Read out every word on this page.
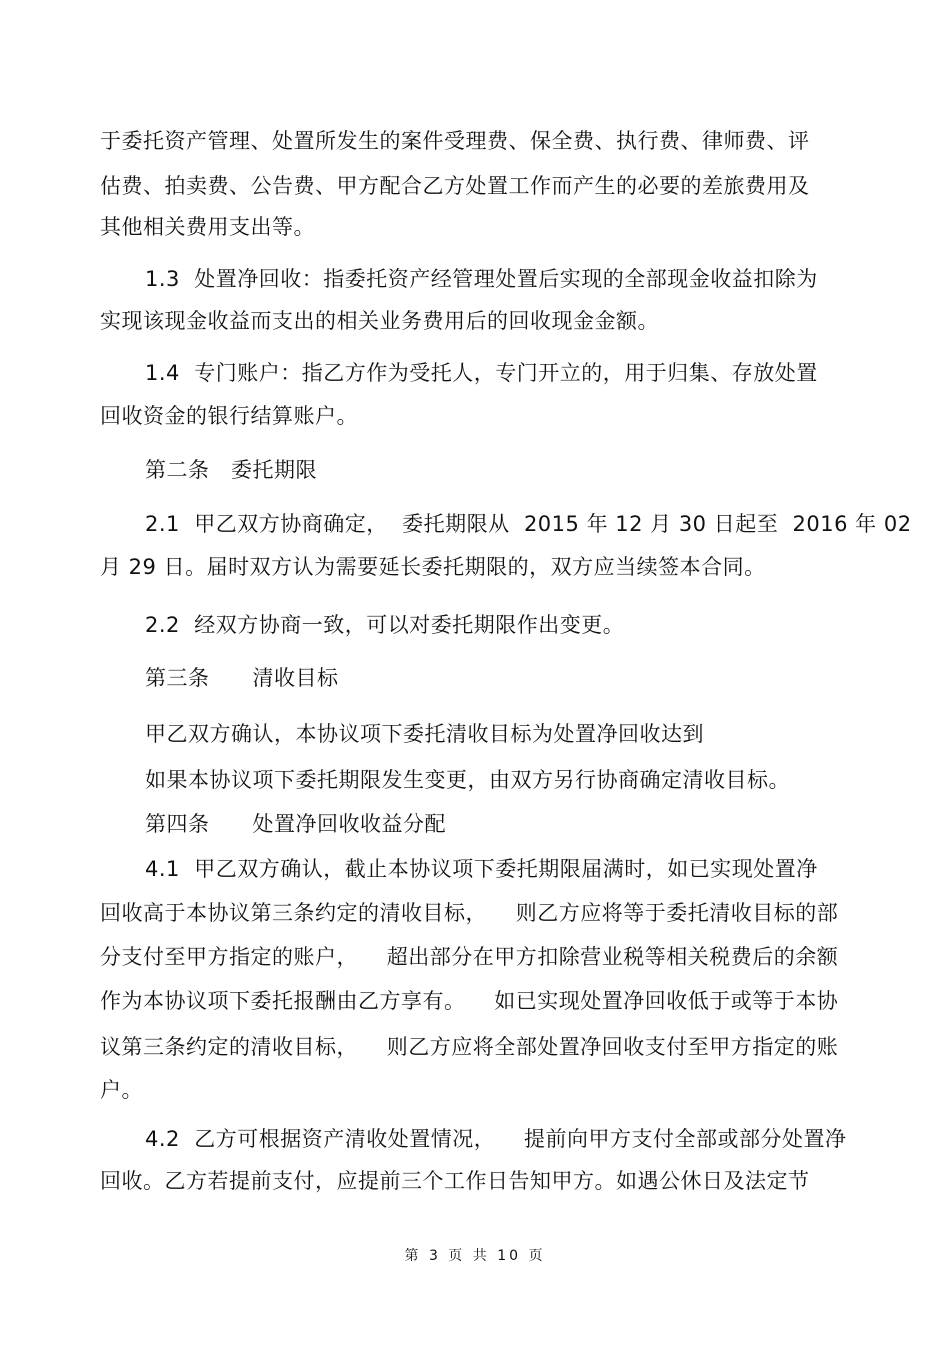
于委托资产管理、处置所发生的案件受理费、保全费、执行费、律师费、评
估费、拍卖费、公告费、甲方配合乙方处置工作而产生的必要的差旅费用及
其他相关费用支出等。
1.3  处置净回收：指委托资产经管理处置后实现的全部现金收益扣除为
实现该现金收益而支出的相关业务费用后的回收现金金额。
1.4  专门账户：指乙方作为受托人，专门开立的，用于归集、存放处置
回收资金的银行结算账户。
第二条   委托期限
2.1  甲乙双方协商确定，  委托期限从  2015 年 12 月 30 日起至  2016 年 02
月 29 日。届时双方认为需要延长委托期限的，双方应当续签本合同。
2.2  经双方协商一致，可以对委托期限作出变更。
第三条      清收目标
甲乙双方确认，本协议项下委托清收目标为处置净回收达到
如果本协议项下委托期限发生变更，由双方另行协商确定清收目标。
第四条      处置净回收收益分配
4.1  甲乙双方确认，截止本协议项下委托期限届满时，如已实现处置净
回收高于本协议第三条约定的清收目标，    则乙方应将等于委托清收目标的部
分支付至甲方指定的账户，    超出部分在甲方扣除营业税等相关税费后的余额
作为本协议项下委托报酬由乙方享有。    如已实现处置净回收低于或等于本协
议第三条约定的清收目标，    则乙方应将全部处置净回收支付至甲方指定的账
户。
4.2  乙方可根据资产清收处置情况，    提前向甲方支付全部或部分处置净
回收。乙方若提前支付，应提前三个工作日告知甲方。如遇公休日及法定节
第 3 页 共 10 页
